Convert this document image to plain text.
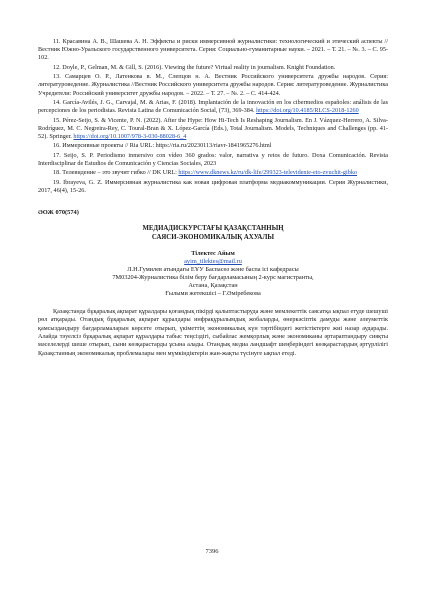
11. Красавина А. В., Шашева А. Н. Эффекты и риски иммерсивной журналистики: технологический и этический аспекты //Вестник Южно-Уральского государственного университета. Серия: Социально-гуманитарные науки. – 2021. – Т. 21. – №. 3. – С. 95-102.

12. Doyle, P., Gelman, M. & Gill, S. (2016). Viewing the future? Virtual reality in journalism. Knight Foundation.

13. Самарцев О. Р., Латенкова в. М., Слепцов н. А. Вестник Российского университета дружбы народов. Серия: литературоведение. Журналистика //Вестник Российского университета дружбы народов. Серия: литературоведение. Журналистика Учредители: Российский университет дружбы народов. – 2022. – Т. 27. – №. 2. – С. 414-424.

14. García-Avilés, J. G., Carvajal, M. & Arias, F. (2018). Implantación de la innovación en los cibermedios españoles: análisis de las percepciones de los periodistas. Revista Latina de Comunicación Social, (73), 369-384. https://doi.org/10.4185/RLCS-2018-1260

15. Pérez-Seijo, S. & Vicente, P. N. (2022). After the Hype: How Hi-Tech Is Reshaping Journalism. En J. Vázquez-Herrero, A. Silva- Rodríguez, M. C. Negreira-Rey, C. Toural-Bran & X. López-García (Eds.), Total Journalism. Models, Techniques and Challenges (pp. 41-52). Springer. https://doi.org/10.1007/978-3-030-88028-6_4

16. Иммерсивные проекты // Ria URL: https://ria.ru/20230113/riavr-1841965276.html

17. Seijo, S. P. Periodismo inmersivo con vídeo 360 grados: valor, narrativa y retos de futuro. Doxa Comunicación. Revista Interdisciplinar de Estudios de Comunicación y Ciencias Sociales, 2023

18. Телевидение – это звучит гибко // DK URL: https://www.dknews.kz/ru/dk-life/299323-televidenie-eto-zvuchit-gibko

19. Ibrayeva, G. Z. Иммерсивная журналистика как новая цифровая платформа медиакоммуникации. Серия Журналистики, 2017, 46(4), 15-26.

ӘОЖ 070(574)
МЕДИАДИСКУРСТАҒЫ ҚАЗАҚСТАННЫҢ
САЯСИ-ЭКОНОМИКАЛЫҚ АХУАЛЫ
Тілектес Айым
ayim_tilektes@mail.ru
Л.Н.Гумилев атындағы ЕҰУ Баспасөз және баспа ісі кафедрасы
7М03204-Журналистика білім беру бағдарламасының 2-курс магистранты,
Астана, Қазақстан
Ғылыми жетекшісі – Г.Әміребекова

Қазақстанда бұқаралық ақпарат құралдары қоғамдық пікірді қалыптастыруда және мемлекеттік саясатқа ықпал етуде шешуші рөл атқарады. Отандық бұқаралық ақпарат құралдары инфрақұрылымдық жобаларды, өнеркәсіптік дамуды және әлеуметтік қамсыздандыру бағдарламаларын көрсете отырып, үкіметтің экономикалық күн тәртібіндегі жетістіктерге жиі назар аударады. Алайда тәуелсіз бұқаралық ақпарат құралдары табыс теңсіздігі, сыбайлас жемқорлық және экономиканы әртараптандыру сияқты мәселелерді шеше отырып, сыни көзқарастарды ұсына алады. Отандық медиа ландшафт шеңберіндегі көзқарастардың әртүрлілігі Қазақстанның экономикалық проблемалары мен мүмкіндіктерін жан-жақты түсінуге ықпал етеді.

7396
